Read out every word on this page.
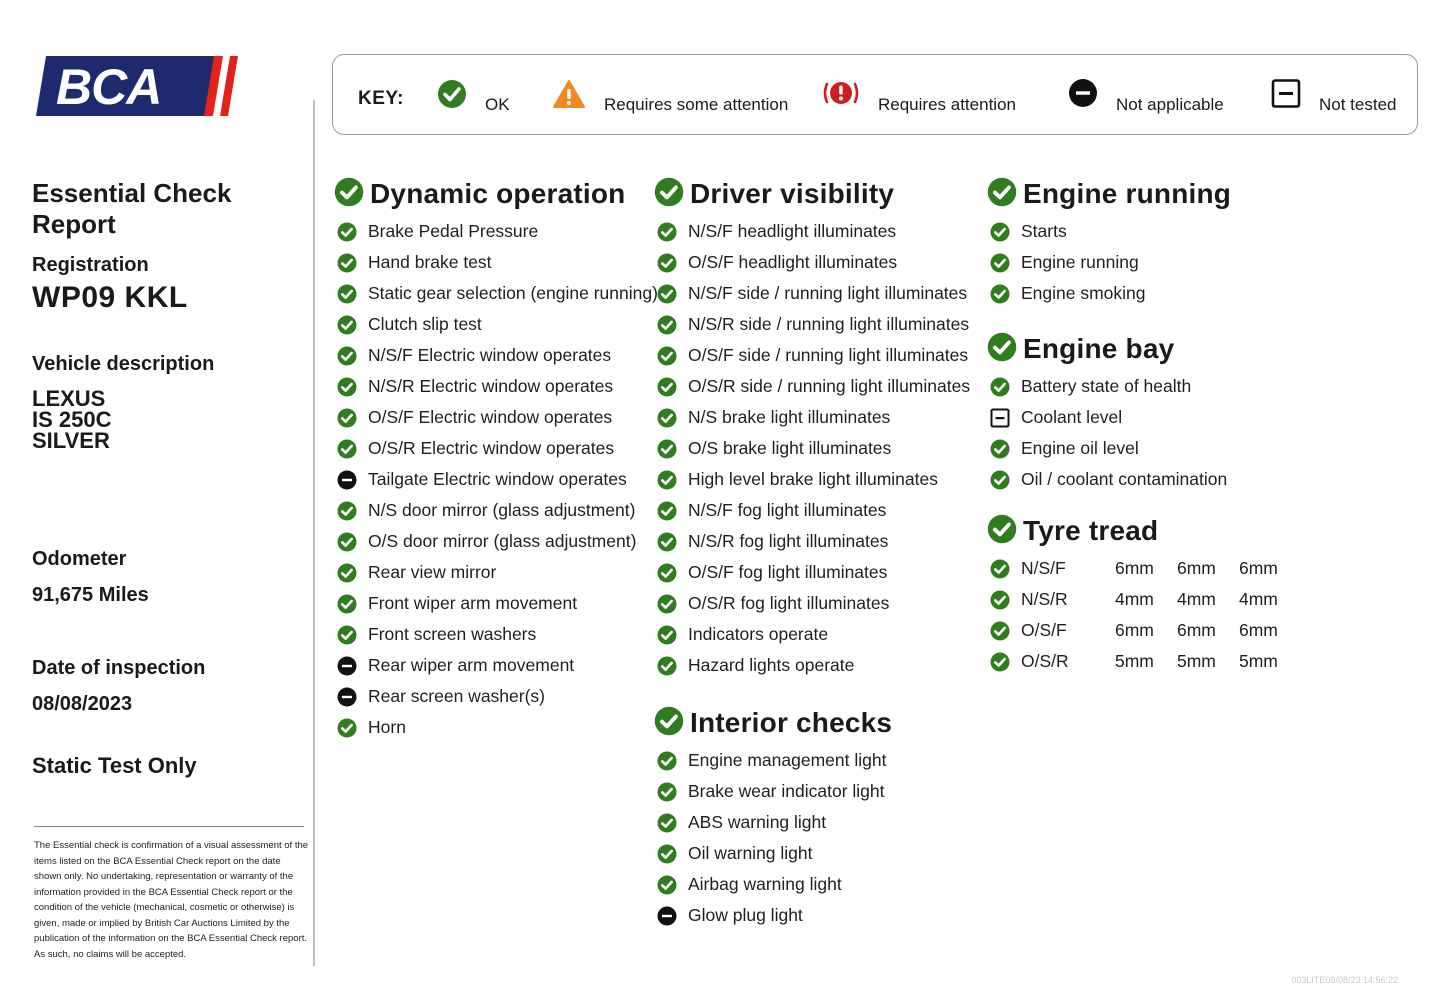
BCA
Essential Check Report
Registration
WP09 KKL
Vehicle description
LEXUS
IS 250C
SILVER
Odometer
91,675 Miles
Date of inspection
08/08/2023
Static Test Only
The Essential check is confirmation of a visual assessment of the items listed on the BCA Essential Check report on the date shown only. No undertaking, representation or warranty of the information provided in the BCA Essential Check report or the condition of the vehicle (mechanical, cosmetic or otherwise) is given, made or implied by British Car Auctions Limited by the publication of the information on the BCA Essential Check report. As such, no claims will be accepted.
KEY:	OK	Requires some attention	Requires attention	Not applicable	Not tested
Dynamic operation
Brake Pedal Pressure
Hand brake test
Static gear selection (engine running)
Clutch slip test
N/S/F Electric window operates
N/S/R Electric window operates
O/S/F Electric window operates
O/S/R Electric window operates
Tailgate Electric window operates
N/S door mirror (glass adjustment)
O/S door mirror (glass adjustment)
Rear view mirror
Front wiper arm movement
Front screen washers
Rear wiper arm movement
Rear screen washer(s)
Horn
Driver visibility
N/S/F headlight illuminates
O/S/F headlight illuminates
N/S/F side / running light illuminates
N/S/R side / running light illuminates
O/S/F side / running light illuminates
O/S/R side / running light illuminates
N/S brake light illuminates
O/S brake light illuminates
High level brake light illuminates
N/S/F fog light illuminates
N/S/R fog light illuminates
O/S/F fog light illuminates
O/S/R fog light illuminates
Indicators operate
Hazard lights operate
Interior checks
Engine management light
Brake wear indicator light
ABS warning light
Oil warning light
Airbag warning light
Glow plug light
Engine running
Starts
Engine running
Engine smoking
Engine bay
Battery state of health
Coolant level
Engine oil level
Oil / coolant contamination
Tyre tread
N/S/F	6mm	6mm	6mm
N/S/R	4mm	4mm	4mm
O/S/F	6mm	6mm	6mm
O/S/R	5mm	5mm	5mm
003LITE08/08/23 14:56:22
